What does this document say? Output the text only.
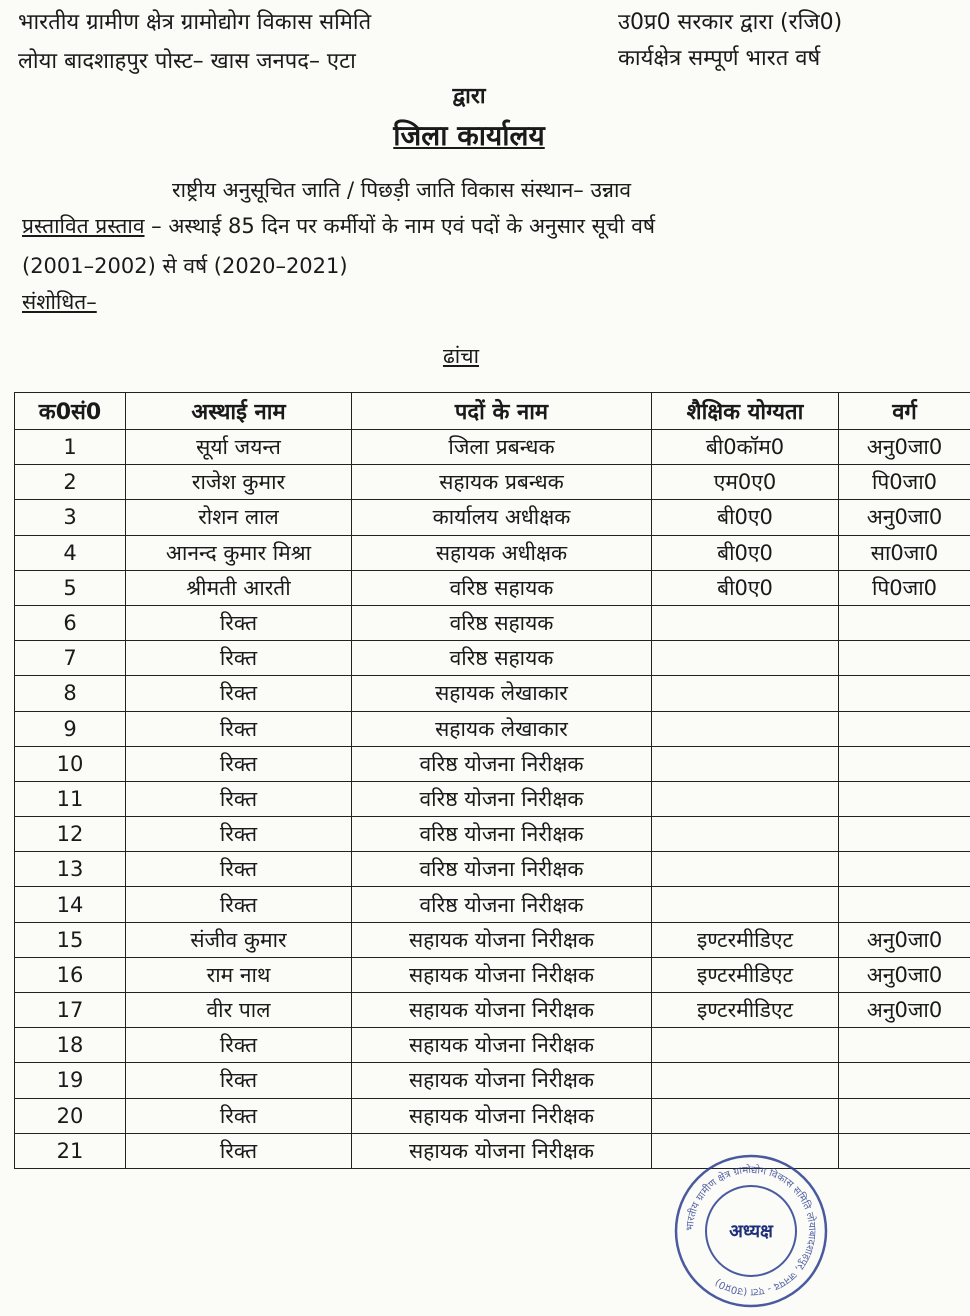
भारतीय ग्रामीण क्षेत्र ग्रामोद्योग विकास समिति
लोया बादशाहपुर पोस्ट– खास जनपद– एटा
उ0प्र0 सरकार द्वारा (रजि0)
कार्यक्षेत्र सम्पूर्ण भारत वर्ष
द्वारा
जिला कार्यालय
राष्ट्रीय अनुसूचित जाति / पिछड़ी जाति विकास संस्थान– उन्नाव
प्रस्तावित प्रस्ताव – अस्थाई 85 दिन पर कर्मीयों के नाम एवं पदों के अनुसार सूची वर्ष
(2001–2002) से वर्ष (2020–2021)
संशोधित–
ढांचा
क0सं0	अस्थाई नाम	पदों के नाम	शैक्षिक योग्यता	वर्ग
1	सूर्या जयन्त	जिला प्रबन्धक	बी0कॉम0	अनु0जा0
2	राजेश कुमार	सहायक प्रबन्धक	एम0ए0	पि0जा0
3	रोशन लाल	कार्यालय अधीक्षक	बी0ए0	अनु0जा0
4	आनन्द कुमार मिश्रा	सहायक अधीक्षक	बी0ए0	सा0जा0
5	श्रीमती आरती	वरिष्ठ सहायक	बी0ए0	पि0जा0
6	रिक्त	वरिष्ठ सहायक		
7	रिक्त	वरिष्ठ सहायक		
8	रिक्त	सहायक लेखाकार		
9	रिक्त	सहायक लेखाकार		
10	रिक्त	वरिष्ठ योजना निरीक्षक		
11	रिक्त	वरिष्ठ योजना निरीक्षक		
12	रिक्त	वरिष्ठ योजना निरीक्षक		
13	रिक्त	वरिष्ठ योजना निरीक्षक		
14	रिक्त	वरिष्ठ योजना निरीक्षक		
15	संजीव कुमार	सहायक योजना निरीक्षक	इण्टरमीडिएट	अनु0जा0
16	राम नाथ	सहायक योजना निरीक्षक	इण्टरमीडिएट	अनु0जा0
17	वीर पाल	सहायक योजना निरीक्षक	इण्टरमीडिएट	अनु0जा0
18	रिक्त	सहायक योजना निरीक्षक		
19	रिक्त	सहायक योजना निरीक्षक		
20	रिक्त	सहायक योजना निरीक्षक		
21	रिक्त	सहायक योजना निरीक्षक		
भारतीय ग्रामीण क्षेत्र ग्रामोद्योग विकास समिति लोयाबादशाहपुर, जनपद - एटा (उ0प्र0)
अध्यक्ष
